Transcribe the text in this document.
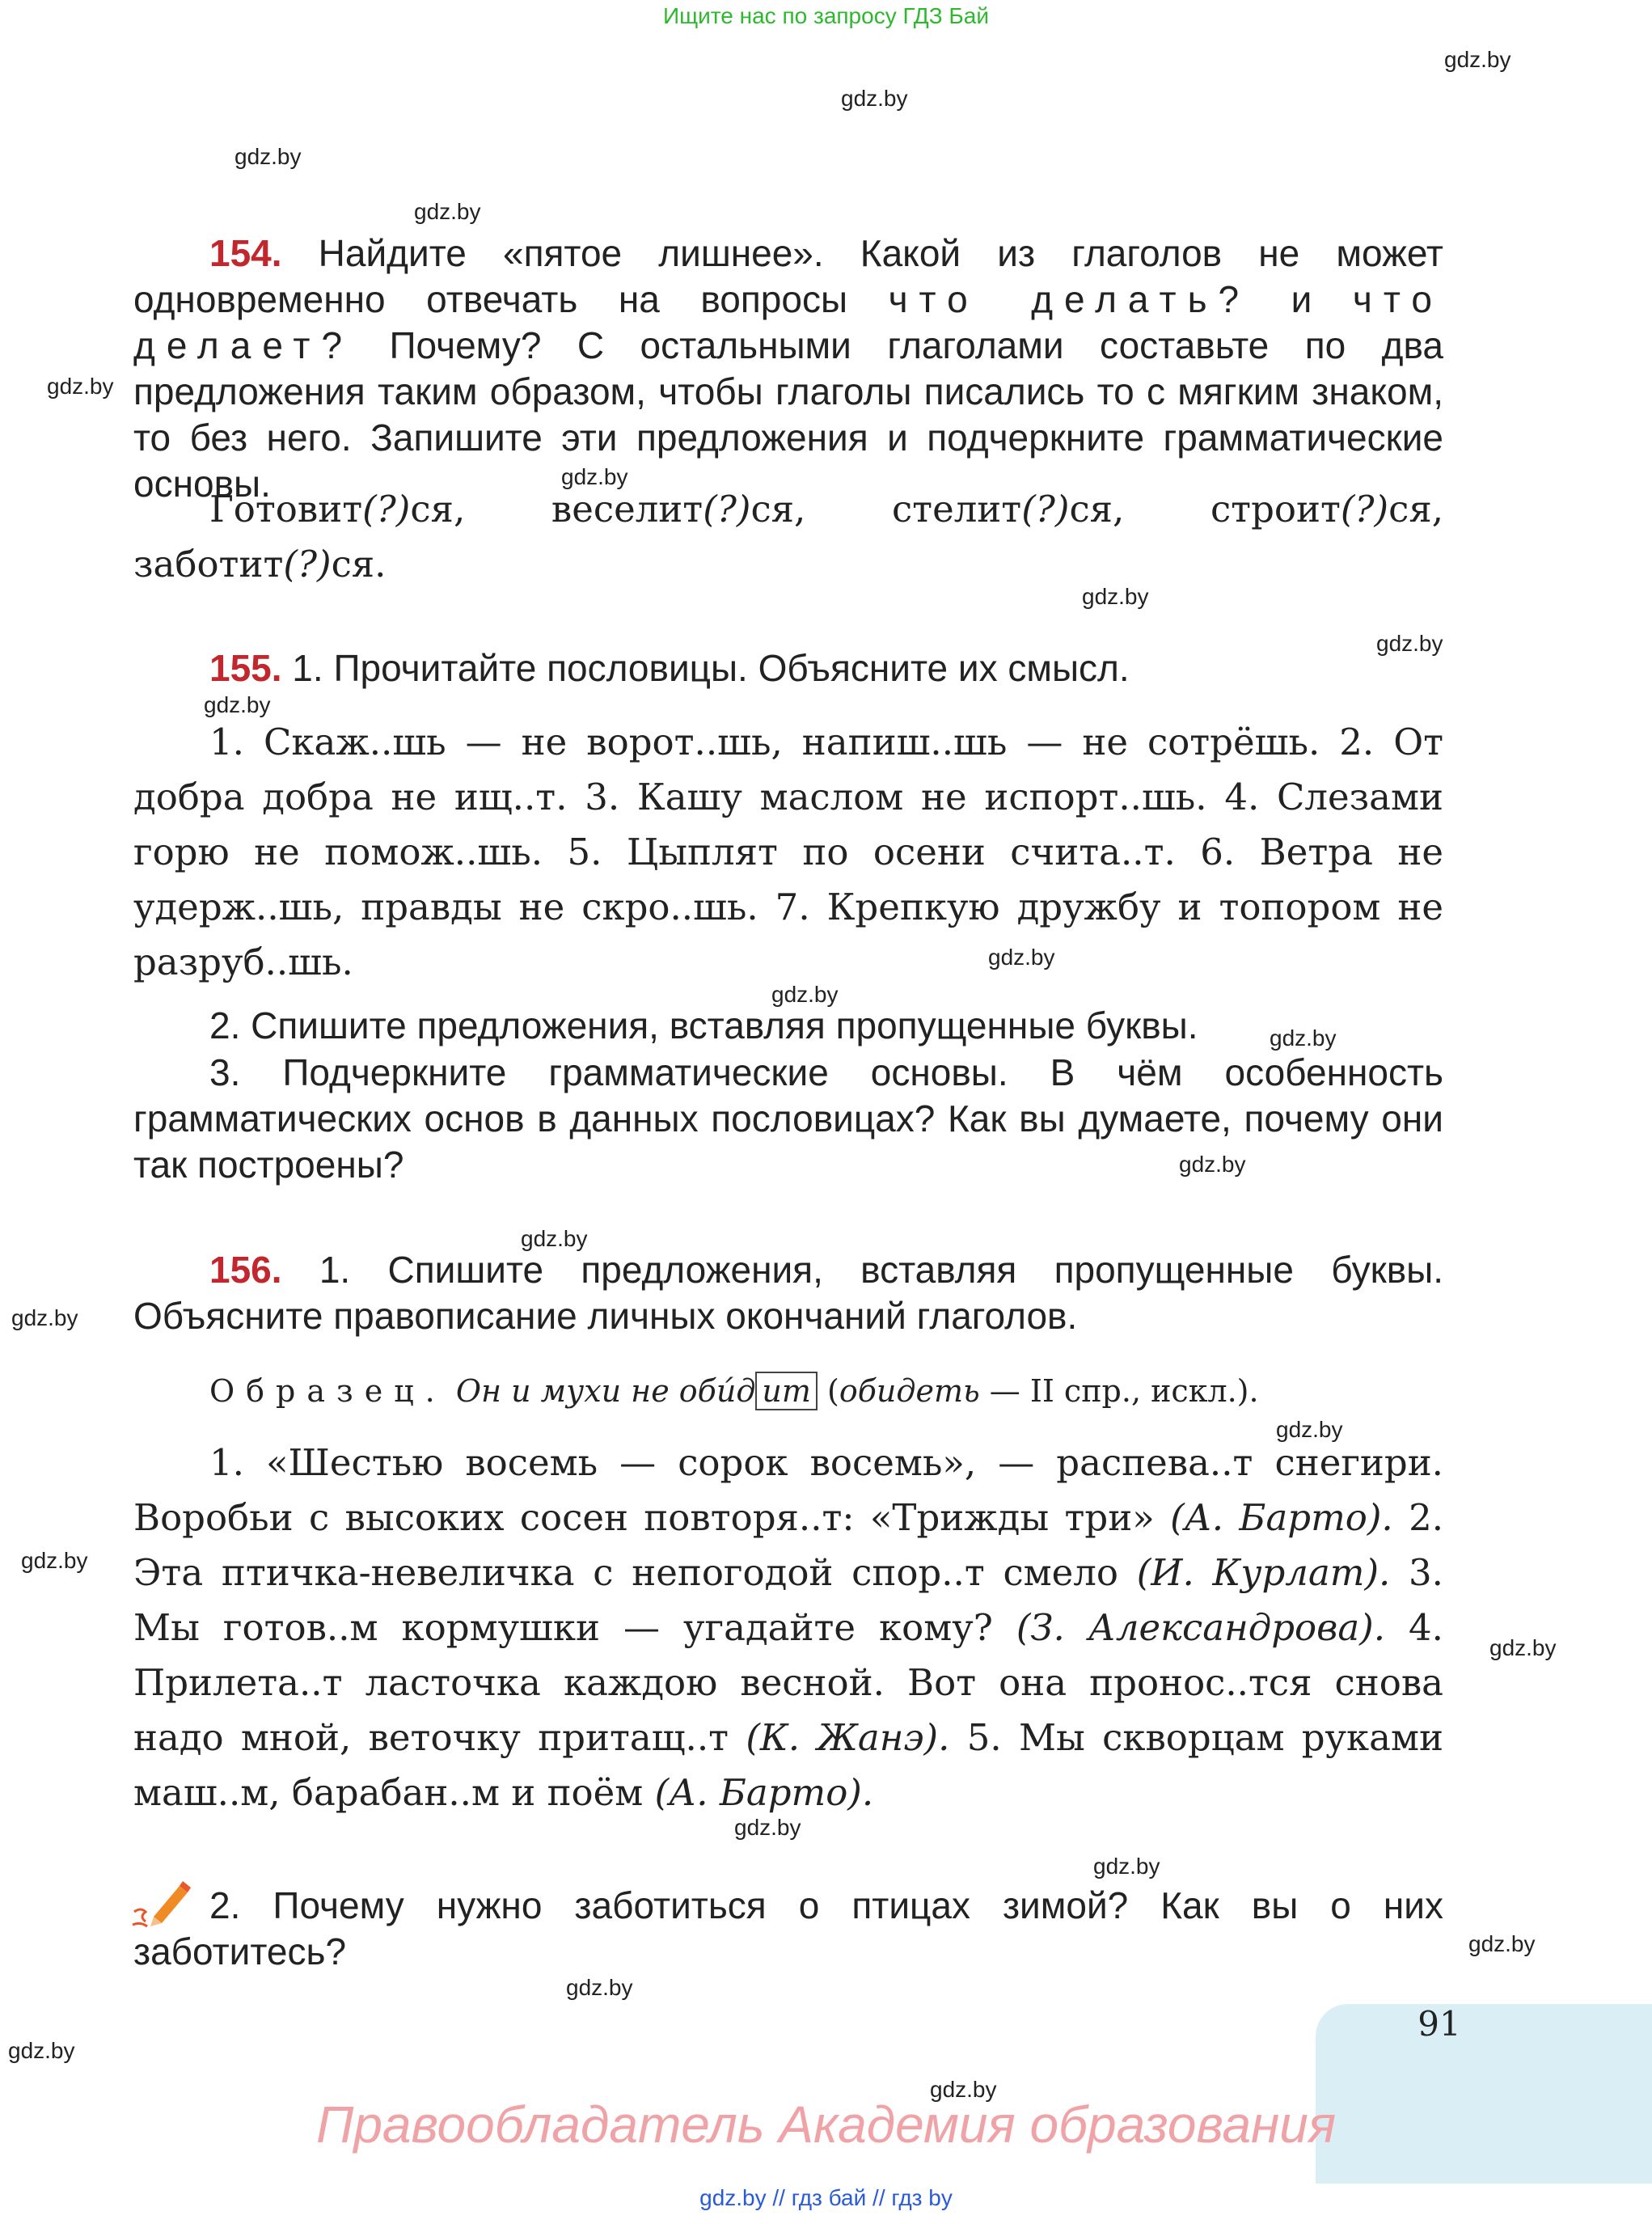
Ищите нас по запросу ГДЗ Бай
gdz.by
gdz.by
gdz.by
gdz.by
gdz.by
gdz.by
gdz.by
gdz.by
gdz.by
gdz.by
gdz.by
gdz.by
gdz.by
gdz.by
gdz.by
gdz.by
gdz.by
gdz.by
gdz.by
gdz.by
gdz.by
gdz.by
gdz.by
gdz.by
154. Найдите «пятое лишнее». Какой из глаголов не может одновременно отвечать на вопросы что делать? и что делает? Почему? С остальными глаголами составьте по два предложения таким образом, чтобы глаголы писались то с мягким знаком, то без него. Запишите эти предложения и подчеркните грамматические основы.
Готовит(?)ся, веселит(?)ся, стелит(?)ся, строит(?)ся, заботит(?)ся.
155. 1. Прочитайте пословицы. Объясните их смысл.
1. Скаж..шь — не ворот..шь, напиш..шь — не сотрёшь. 2. От добра добра не ищ..т. 3. Кашу маслом не испорт..шь. 4. Слезами горю не помож..шь. 5. Цыплят по осени счита..т. 6. Ветра не удерж..шь, правды не скро..шь. 7. Крепкую дружбу и топором не разруб..шь.
2. Спишите предложения, вставляя пропущенные буквы.
3. Подчеркните грамматические основы. В чём особенность грамматических основ в данных пословицах? Как вы думаете, почему они так построены?
156. 1. Спишите предложения, вставляя пропущенные буквы. Объясните правописание личных окончаний глаголов.
Образец. Он и мухи не оби́д ит (обидеть — II спр., искл.).
1. «Шестью восемь — сорок восемь», — распева..т снегири. Воробьи с высоких сосен повторя..т: «Трижды три» (А. Барто). 2. Эта птичка-невеличка с непогодой спор..т смело (И. Курлат). 3. Мы готов..м кормушки — угадайте кому? (З. Александрова). 4. Прилета..т ласточка каждою весной. Вот она пронос..тся снова надо мной, веточку притащ..т (К. Жанэ). 5. Мы скворцам руками маш..м, барабан..м и поём (А. Барто).
2. Почему нужно заботиться о птицах зимой? Как вы о них заботитесь?
91
Правообладатель Академия образования
gdz.by // гдз бай // гдз by
